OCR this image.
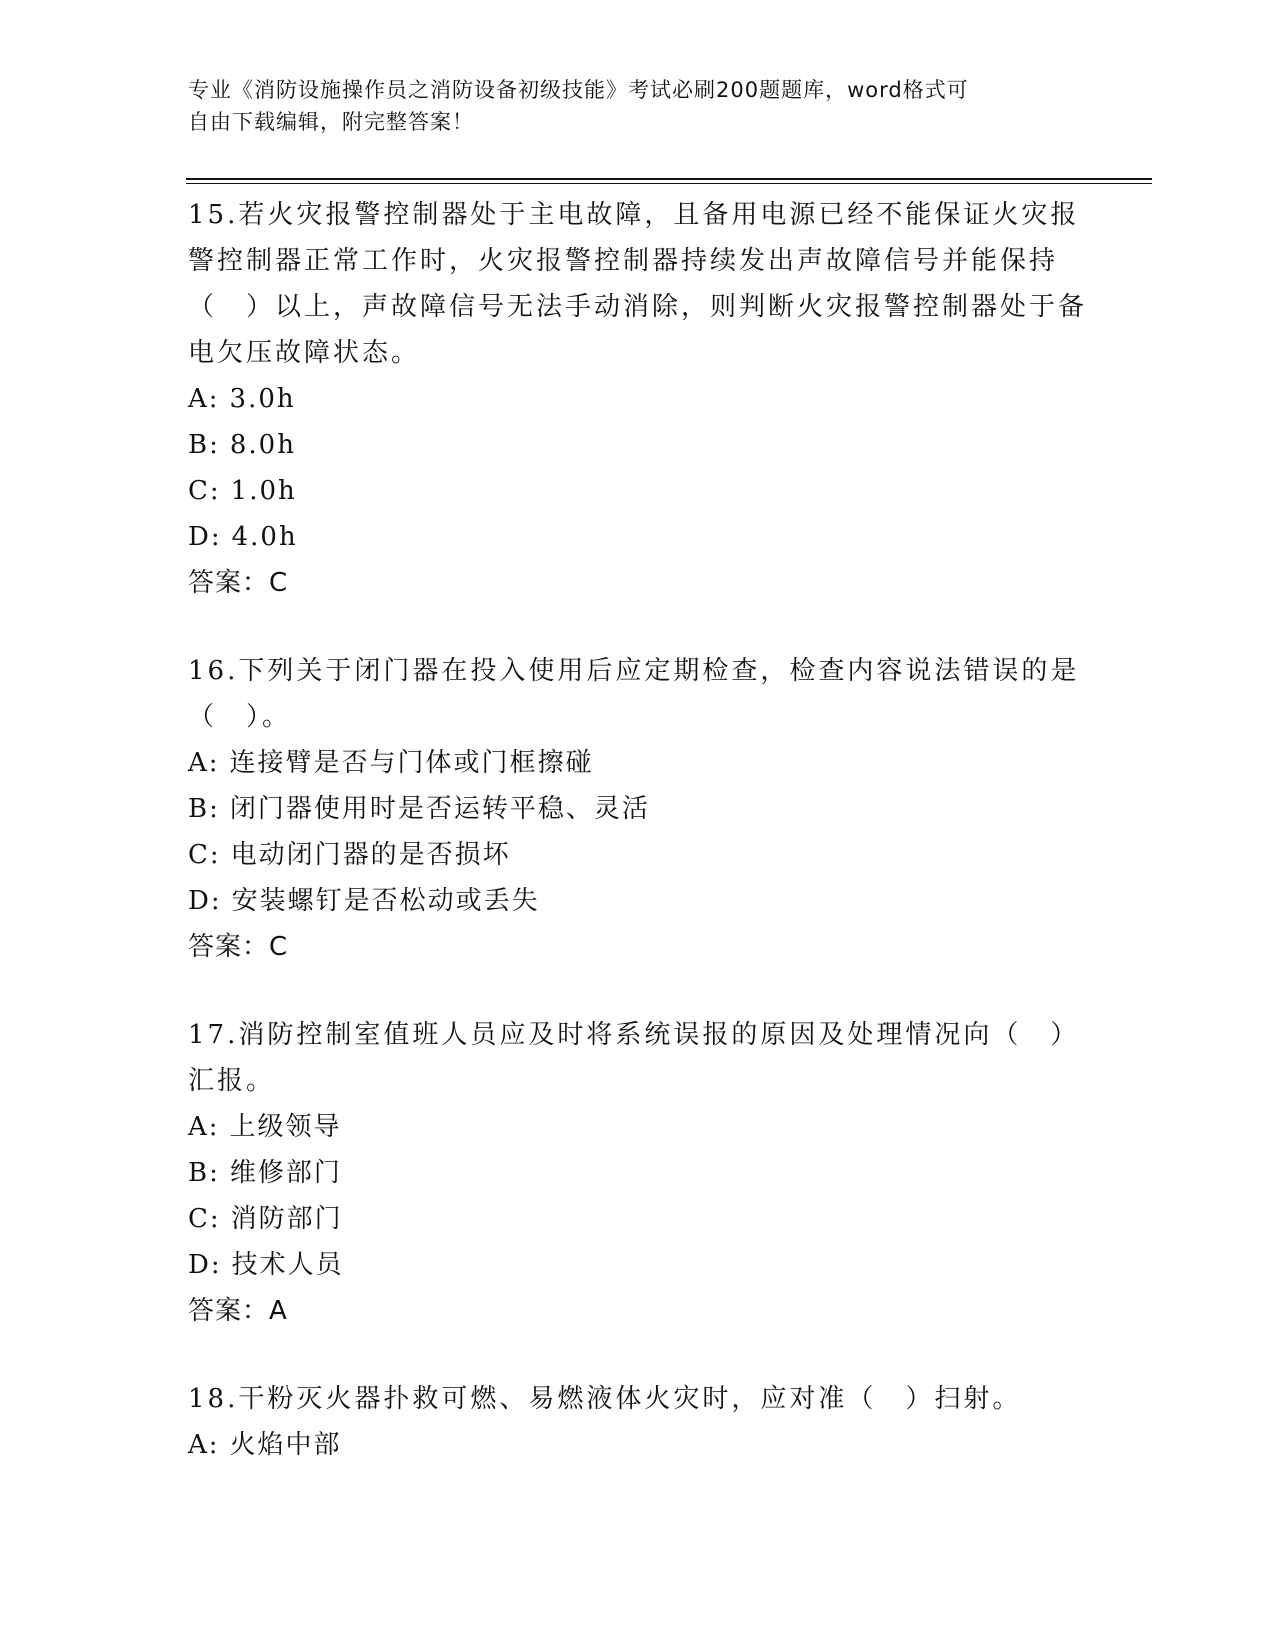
专业《消防设施操作员之消防设备初级技能》考试必刷200题题库，word格式可
自由下载编辑，附完整答案！
15.若火灾报警控制器处于主电故障，且备用电源已经不能保证火灾报警控制器正常工作时，火灾报警控制器持续发出声故障信号并能保持（　）以上，声故障信号无法手动消除，则判断火灾报警控制器处于备电欠压故障状态。
A: 3.0h
B: 8.0h
C: 1.0h
D: 4.0h
答案：C
16.下列关于闭门器在投入使用后应定期检查，检查内容说法错误的是（　）。
A: 连接臂是否与门体或门框擦碰
B: 闭门器使用时是否运转平稳、灵活
C: 电动闭门器的是否损坏
D: 安装螺钉是否松动或丢失
答案：C
17.消防控制室值班人员应及时将系统误报的原因及处理情况向（　）汇报。
A: 上级领导
B: 维修部门
C: 消防部门
D: 技术人员
答案：A
18.干粉灭火器扑救可燃、易燃液体火灾时，应对准（　）扫射。
A: 火焰中部
